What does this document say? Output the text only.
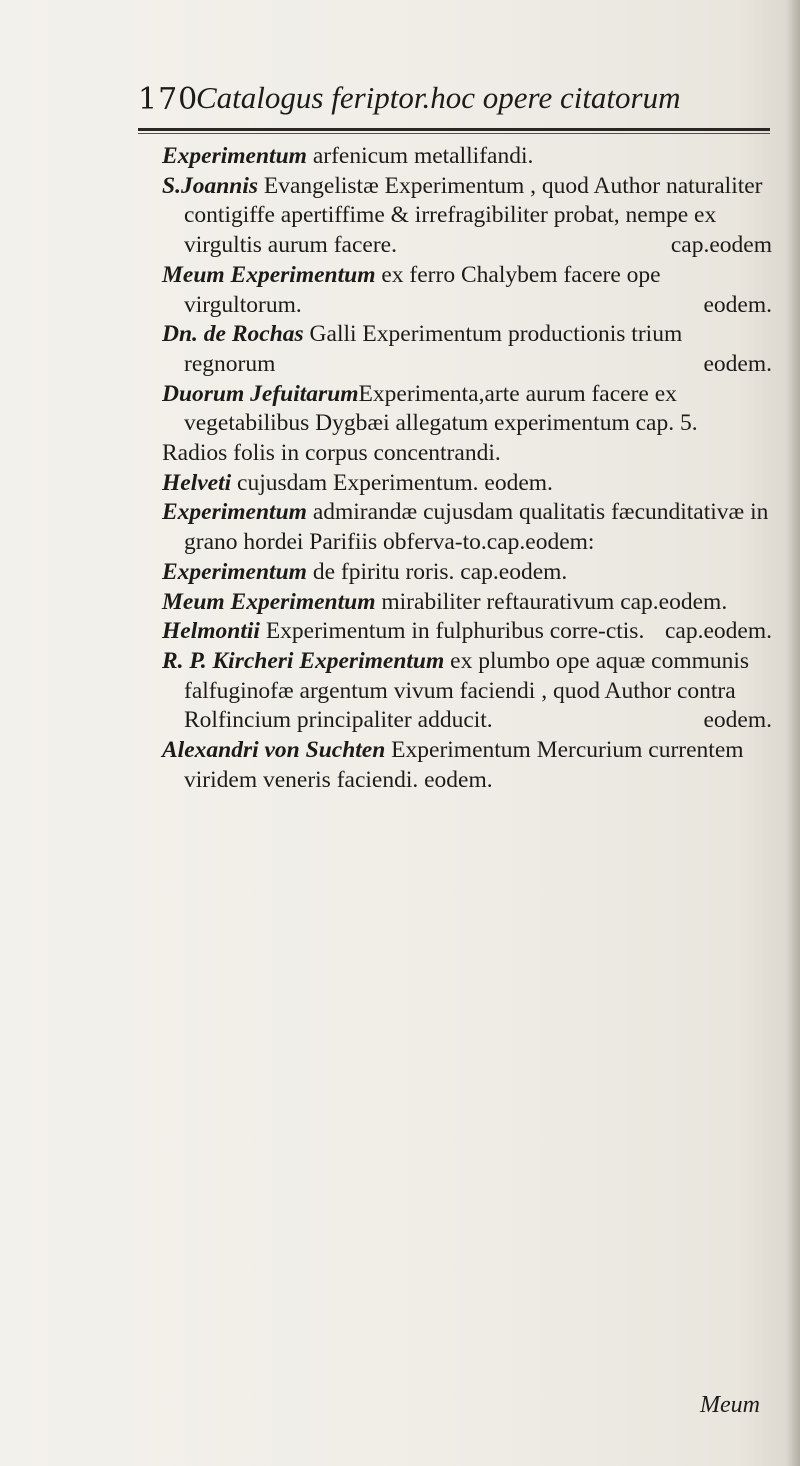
170
Catalogus feriptor.hoc opere citatorum

Experimentum arfenicum metallifandi.

S.Joannis Evangelistæ Experimentum , quod Author naturaliter contigiffe apertiffime & irrefragibiliter probat, nempe ex virgultis aurum facere.	cap.eodem

Meum Experimentum ex ferro Chalybem facere ope virgultorum.	eodem.

Dn. de Rochas Galli Experimentum productionis trium regnorum	eodem.

Duorum JefuitarumExperimenta,arte aurum facere ex vegetabilibus Dygbæi allegatum experimentum cap. 5.

Radios folis in corpus concentrandi.

Helveti cujusdam Experimentum. eodem.

Experimentum admirandæ cujusdam qualitatis fæcunditativæ in grano hordei Parifiis obferva-to.cap.eodem:

Experimentum de fpiritu roris. cap.eodem.

Meum Experimentum mirabiliter reftaurativum cap.eodem.

Helmontii Experimentum in fulphuribus corre-ctis. cap.eodem.

R. P. Kircheri Experimentum ex plumbo ope aquæ communis falfuginofæ argentum vivum faciendi , quod Author contra Rolfincium principaliter adducit.	eodem.

Alexandri von Suchten Experimentum Mercurium currentem viridem veneris faciendi. eodem.

Meum
